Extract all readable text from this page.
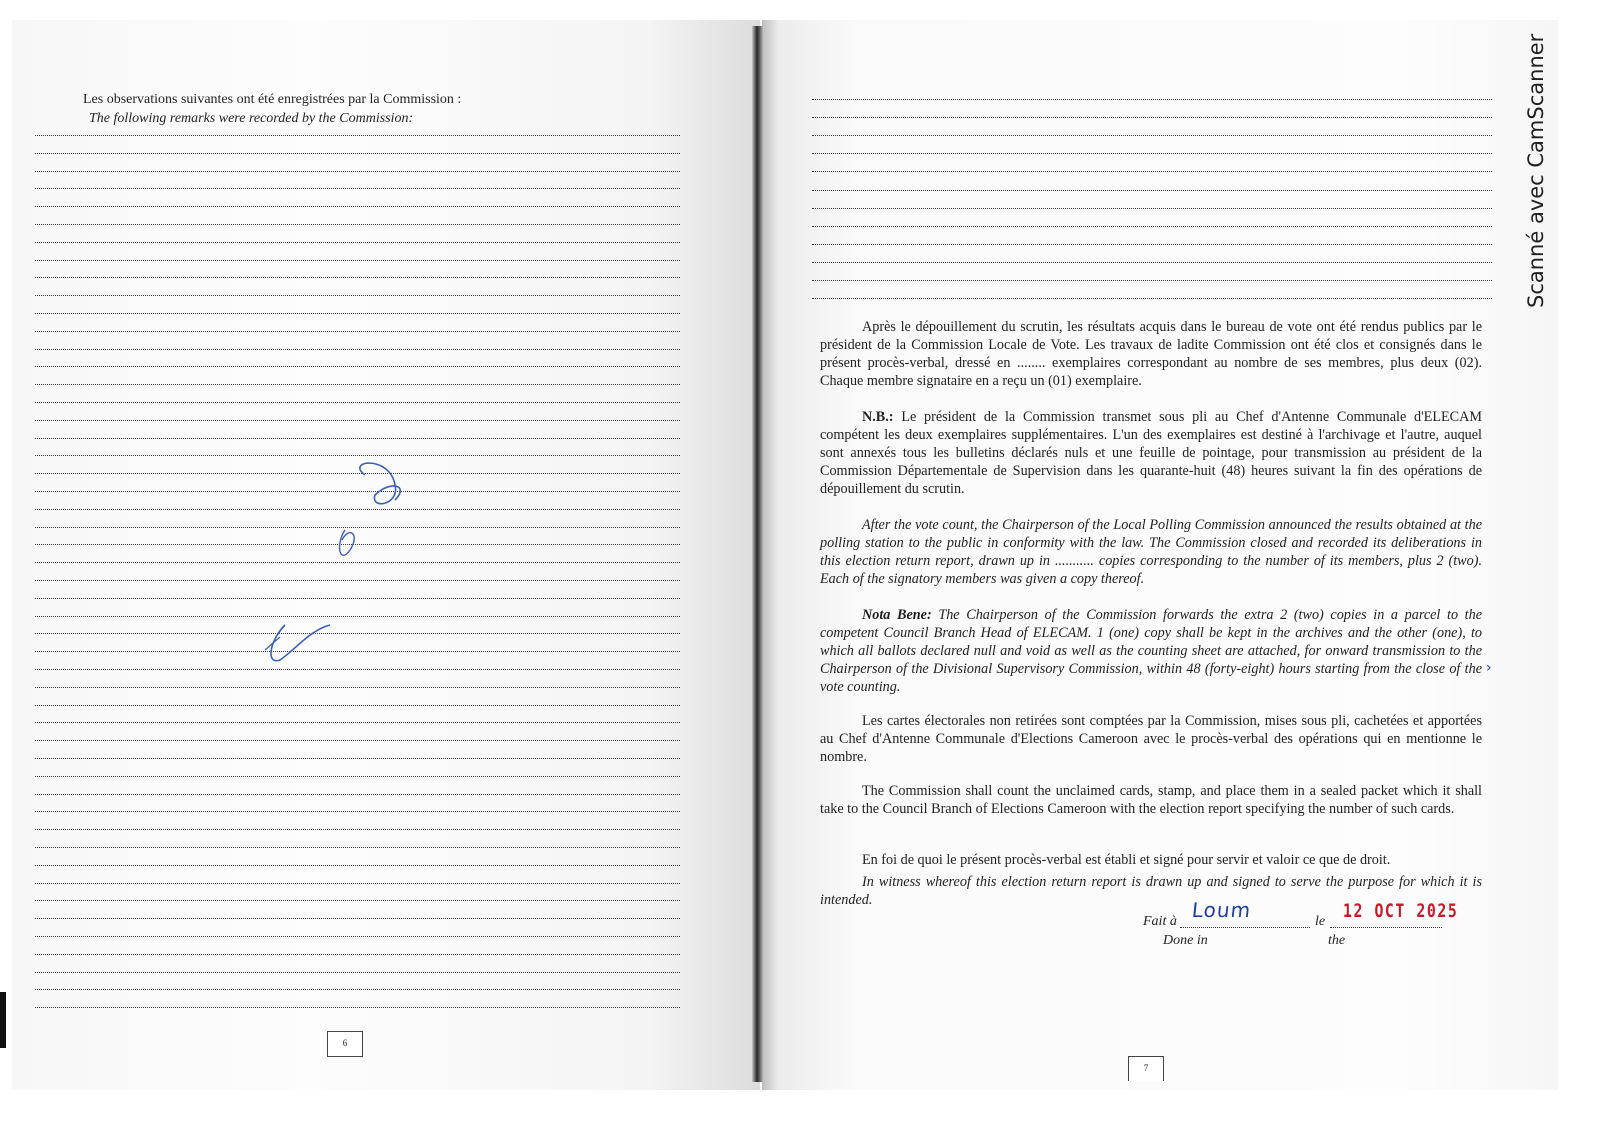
Les observations suivantes ont été enregistrées par la Commission :
The following remarks were recorded by the Commission:

Après le dépouillement du scrutin, les résultats acquis dans le bureau de vote ont été rendus publics par le président de la Commission Locale de Vote. Les travaux de ladite Commission ont été clos et consignés dans le présent procès-verbal, dressé en ........ exemplaires correspondant au nombre de ses membres, plus deux (02). Chaque membre signataire en a reçu un (01) exemplaire.

N.B.: Le président de la Commission transmet sous pli au Chef d'Antenne Communale d'ELECAM compétent les deux exemplaires supplémentaires. L'un des exemplaires est destiné à l'archivage et l'autre, auquel sont annexés tous les bulletins déclarés nuls et une feuille de pointage, pour transmission au président de la Commission Départementale de Supervision dans les quarante-huit (48) heures suivant la fin des opérations de dépouillement du scrutin.

After the vote count, the Chairperson of the Local Polling Commission announced the results obtained at the polling station to the public in conformity with the law. The Commission closed and recorded its deliberations in this election return report, drawn up in ........... copies corresponding to the number of its members, plus 2 (two). Each of the signatory members was given a copy thereof.

Nota Bene: The Chairperson of the Commission forwards the extra 2 (two) copies in a parcel to the competent Council Branch Head of ELECAM. 1 (one) copy shall be kept in the archives and the other (one), to which all ballots declared null and void as well as the counting sheet are attached, for onward transmission to the Chairperson of the Divisional Supervisory Commission, within 48 (forty-eight) hours starting from the close of the vote counting.

Les cartes électorales non retirées sont comptées par la Commission, mises sous pli, cachetées et apportées au Chef d'Antenne Communale d'Elections Cameroon avec le procès-verbal des opérations qui en mentionne le nombre.

The Commission shall count the unclaimed cards, stamp, and place them in a sealed packet which it shall take to the Council Branch of Elections Cameroon with the election report specifying the number of such cards.

En foi de quoi le présent procès-verbal est établi et signé pour servir et valoir ce que de droit.

In witness whereof this election return report is drawn up and signed to serve the purpose for which it is intended.

Fait à
Done in
Loum	le
the
12 OCT 2025
›
6
7
Scanné avec CamScanner
